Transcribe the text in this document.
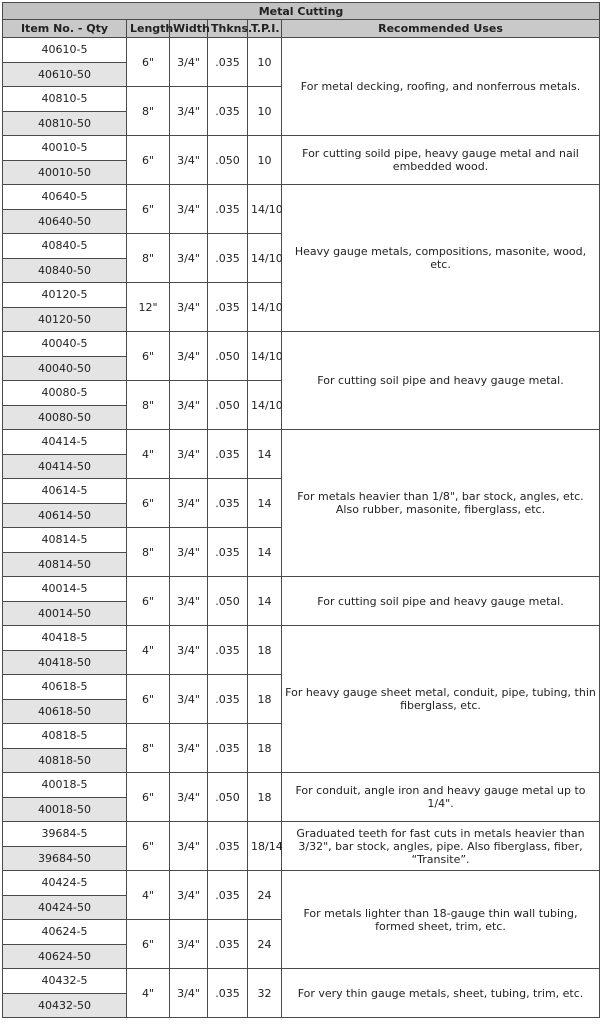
Metal Cutting					
Item No. - Qty	Length	Width	Thkns.	T.P.I.	Recommended Uses
40610-5	6"	3/4"	.035	10	For metal decking, roofing, and nonferrous metals.
40610-50					
40810-5	8"	3/4"	.035	10	
40810-50					
40010-5	6"	3/4"	.050	10	For cutting soild pipe, heavy gauge metal and nail embedded wood.
40010-50					
40640-5	6"	3/4"	.035	14/10	Heavy gauge metals, compositions, masonite, wood, etc.
40640-50					
40840-5	8"	3/4"	.035	14/10	
40840-50					
40120-5	12"	3/4"	.035	14/10	
40120-50					
40040-5	6"	3/4"	.050	14/10	For cutting soil pipe and heavy gauge metal.
40040-50					
40080-5	8"	3/4"	.050	14/10	
40080-50					
40414-5	4"	3/4"	.035	14	For metals heavier than 1/8", bar stock, angles, etc. Also rubber, masonite, fiberglass, etc.
40414-50					
40614-5	6"	3/4"	.035	14	
40614-50					
40814-5	8"	3/4"	.035	14	
40814-50					
40014-5	6"	3/4"	.050	14	For cutting soil pipe and heavy gauge metal.
40014-50					
40418-5	4"	3/4"	.035	18	For heavy gauge sheet metal, conduit, pipe, tubing, thin fiberglass, etc.
40418-50					
40618-5	6"	3/4"	.035	18	
40618-50					
40818-5	8"	3/4"	.035	18	
40818-50					
40018-5	6"	3/4"	.050	18	For conduit, angle iron and heavy gauge metal up to 1/4".
40018-50					
39684-5	6"	3/4"	.035	18/14	Graduated teeth for fast cuts in metals heavier than 3/32", bar stock, angles, pipe. Also fiberglass, fiber, “Transite”.
39684-50					
40424-5	4"	3/4"	.035	24	For metals lighter than 18-gauge thin wall tubing, formed sheet, trim, etc.
40424-50					
40624-5	6"	3/4"	.035	24	
40624-50					
40432-5	4"	3/4"	.035	32	For very thin gauge metals, sheet, tubing, trim, etc.
40432-50					
